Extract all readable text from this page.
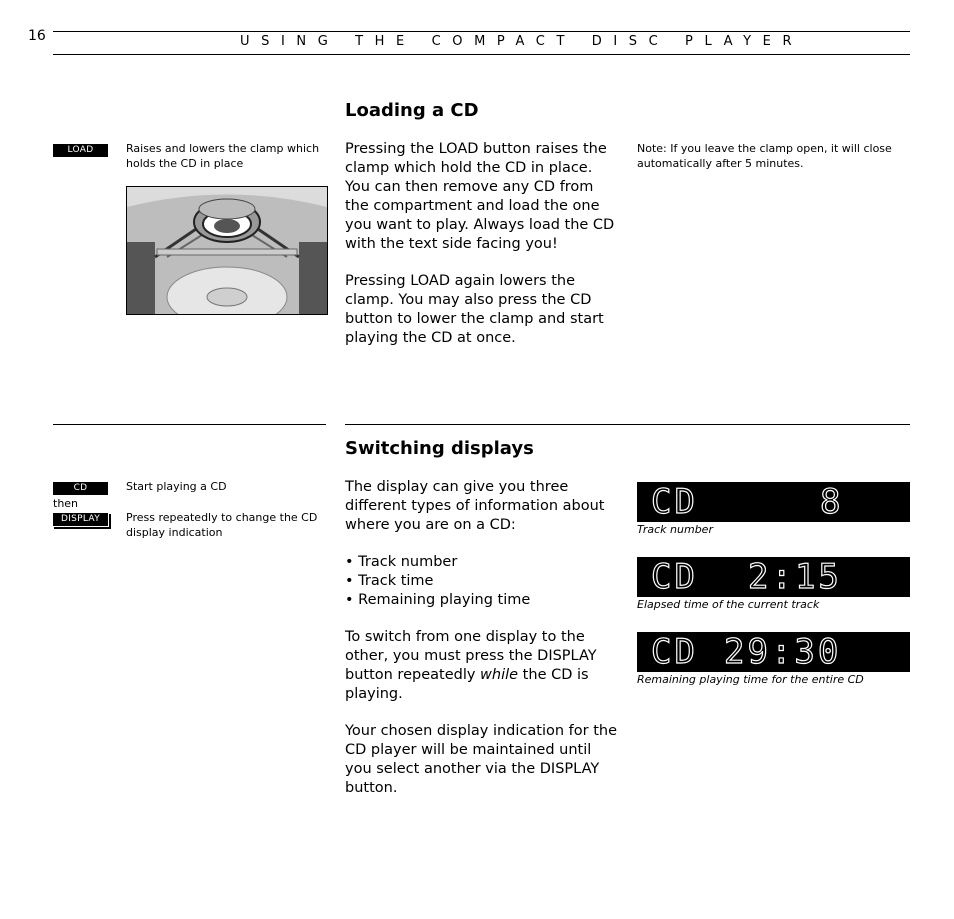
16	USING THE COMPACT DISC PLAYER
Loading a CD
LOAD	Raises and lowers the clamp which holds the CD in place

Pressing the LOAD button raises the clamp which hold the CD in place. You can then remove any CD from the compartment and load the one you want to play. Always load the CD with the text side facing you!

Pressing LOAD again lowers the clamp. You may also press the CD button to lower the clamp and start playing the CD at once.

Note: If you leave the clamp open, it will close automatically after 5 minutes.
Switching displays
CD	Start playing a CD
then
DISPLAY	Press repeatedly to change the CD display indication

The display can give you three different types of information about where you are on a CD:

• Track number
• Track time
• Remaining playing time

To switch from one display to the other, you must press the DISPLAY button repeatedly while the CD is playing.

Your chosen display indication for the CD player will be maintained until you select another via the DISPLAY button.

CD

	8

Track number

CD

2:15

Elapsed time of the current track

CD

29:30

Remaining playing time for the entire CD
